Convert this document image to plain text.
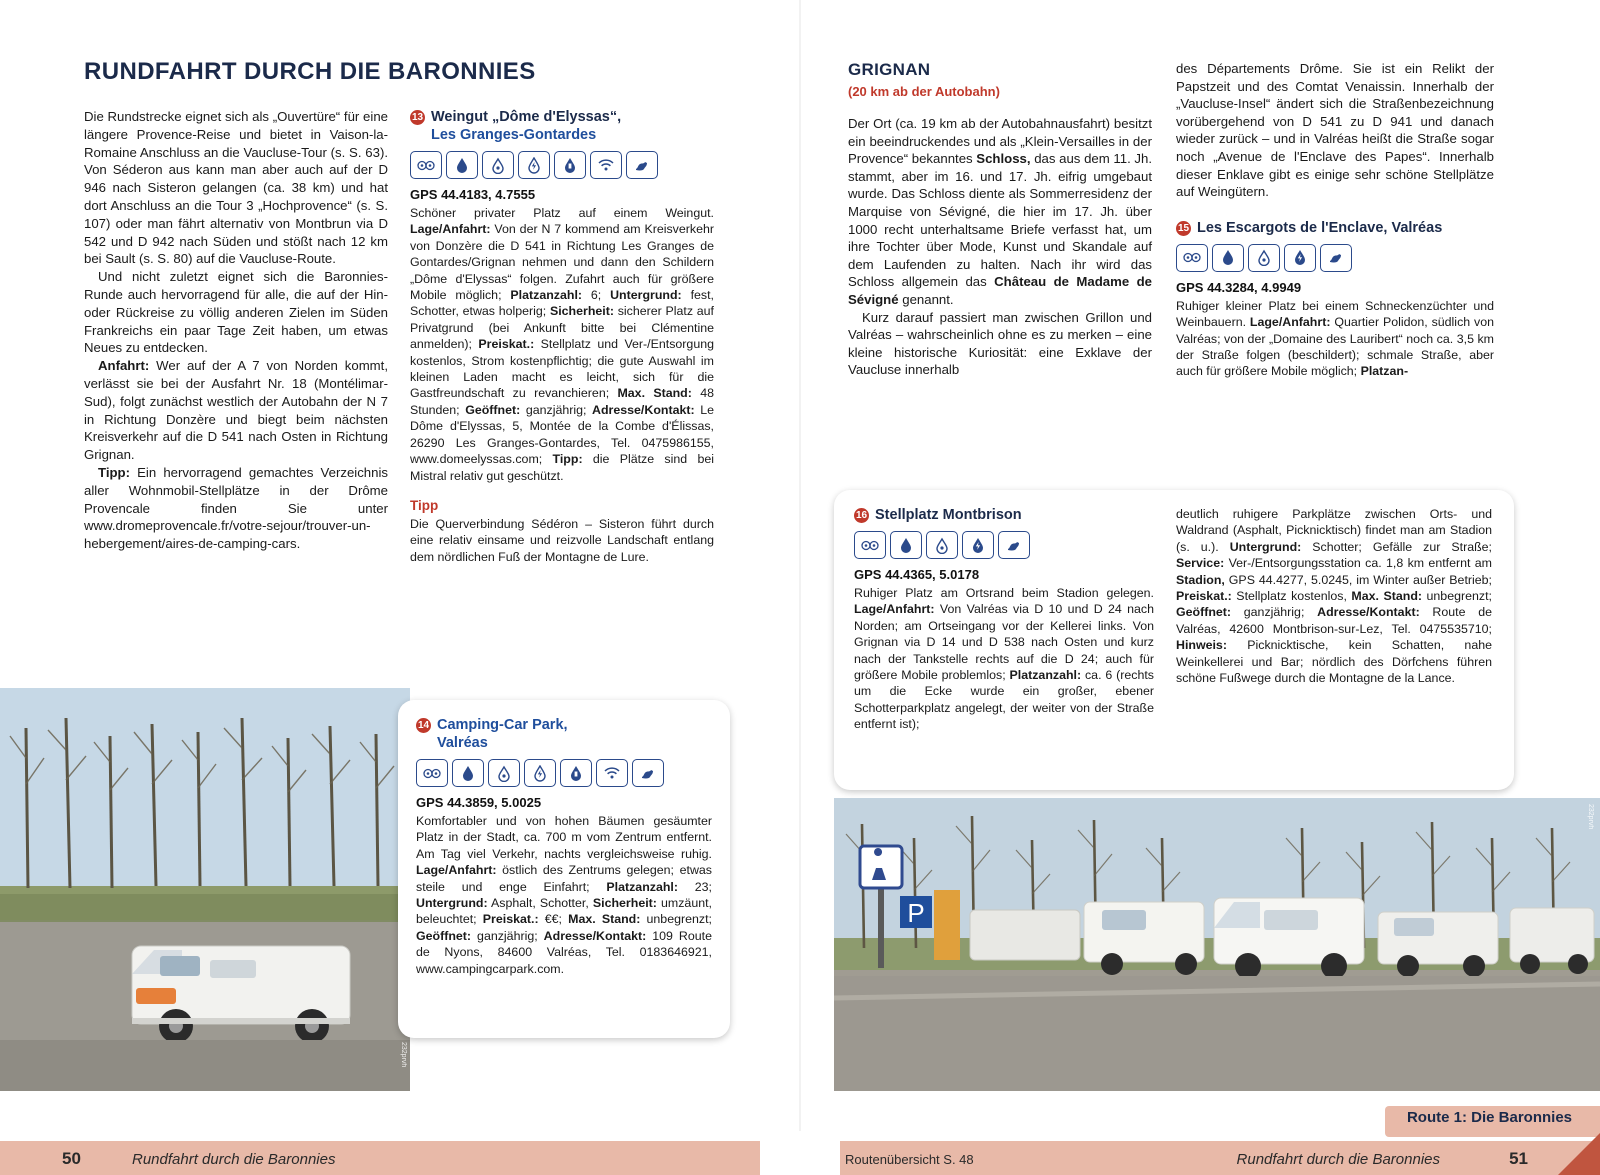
RUNDFAHRT DURCH DIE BARONNIES

Die Rundstrecke eignet sich als „Ouvertüre“ für eine längere Provence-Reise und bietet in Vaison-la-Romaine Anschluss an die Vaucluse-Tour (s. S. 63). Von Séderon aus kann man aber auch auf der D 946 nach Sisteron gelangen (ca. 38 km) und hat dort Anschluss an die Tour 3 „Hochprovence“ (s. S. 107) oder man fährt alternativ von Montbrun via D 542 und D 942 nach Süden und stößt nach 12 km bei Sault (s. S. 80) auf die Vaucluse-Route.

Und nicht zuletzt eignet sich die Baronnies-Runde auch hervorragend für alle, die auf der Hin- oder Rückreise zu völlig anderen Zielen im Süden Frankreichs ein paar Tage Zeit haben, um etwas Neues zu entdecken.

Anfahrt: Wer auf der A 7 von Norden kommt, verlässt sie bei der Ausfahrt Nr. 18 (Montélimar-Sud), folgt zunächst westlich der Autobahn der N 7 in Richtung Donzère und biegt beim nächsten Kreisverkehr auf die D 541 nach Osten in Richtung Grignan.

Tipp: Ein hervorragend gemachtes Verzeichnis aller Wohnmobil-Stellplätze in der Drôme Provencale finden Sie unter www.dromeprovencale.fr/votre-sejour/trouver-un-hebergement/aires-de-camping-cars.

13 Weingut „Dôme d'Elyssas“,
Les Granges-Gontardes
GPS 44.4183, 4.7555
Schöner privater Platz auf einem Weingut. Lage/Anfahrt: Von der N 7 kommend am Kreisverkehr von Donzère die D 541 in Richtung Les Granges de Gontardes/Grignan nehmen und dann den Schildern „Dôme d'Elyssas“ folgen. Zufahrt auch für größere Mobile möglich; Platzanzahl: 6; Untergrund: fest, Schotter, etwas holperig; Sicherheit: sicherer Platz auf Privatgrund (bei Ankunft bitte bei Clémentine anmelden); Preiskat.: Stellplatz und Ver-/Entsorgung kostenlos, Strom kostenpflichtig; die gute Auswahl im kleinen Laden macht es leicht, sich für die Gastfreundschaft zu revanchieren; Max. Stand: 48 Stunden; Geöffnet: ganzjährig; Adresse/Kontakt: Le Dôme d'Elyssas, 5, Montée de la Combe d'Élissas, 26290 Les Granges-Gontardes, Tel. 0475986155, www.domeelyssas.com; Tipp: die Plätze sind bei Mistral relativ gut geschützt.
Tipp
Die Querverbindung Sédéron – Sisteron führt durch eine relativ einsame und reizvolle Landschaft entlang dem nördlichen Fuß der Montagne de Lure.
232prvh
14 Camping-Car Park,
Valréas
GPS 44.3859, 5.0025
Komfortabler und von hohen Bäumen gesäumter Platz in der Stadt, ca. 700 m vom Zentrum entfernt. Am Tag viel Verkehr, nachts vergleichsweise ruhig. Lage/Anfahrt: östlich des Zentrums gelegen; etwas steile und enge Einfahrt; Platzanzahl: 23; Untergrund: Asphalt, Schotter, Sicherheit: umzäunt, beleuchtet; Preiskat.: €€; Max. Stand: unbegrenzt; Geöffnet: ganzjährig; Adresse/Kontakt: 109 Route de Nyons, 84600 Valréas, Tel. 0183646921, www.campingcarpark.com.
GRIGNAN
(20 km ab der Autobahn)

Der Ort (ca. 19 km ab der Autobahnausfahrt) besitzt ein beeindruckendes und als „Klein-Versailles in der Provence“ bekanntes Schloss, das aus dem 11. Jh. stammt, aber im 16. und 17. Jh. eifrig umgebaut wurde. Das Schloss diente als Sommerresidenz der Marquise von Sévigné, die hier im 17. Jh. über 1000 recht unterhaltsame Briefe verfasst hat, um ihre Tochter über Mode, Kunst und Skandale auf dem Laufenden zu halten. Nach ihr wird das Schloss allgemein das Château de Madame de Sévigné genannt.

Kurz darauf passiert man zwischen Grillon und Valréas – wahrscheinlich ohne es zu merken – eine kleine historische Kuriosität: eine Exklave der Vaucluse innerhalb

des Départements Drôme. Sie ist ein Relikt der Papstzeit und des Comtat Venaissin. Innerhalb der „Vaucluse-Insel“ ändert sich die Straßenbezeichnung vorübergehend von D 541 zu D 941 und danach wieder zurück – und in Valréas heißt die Straße sogar noch „Avenue de l'Enclave des Papes“. Innerhalb dieser Enklave gibt es einige sehr schöne Stellplätze auf Weingütern.

15 Les Escargots de l'Enclave, Valréas
GPS 44.3284, 4.9949
Ruhiger kleiner Platz bei einem Schneckenzüchter und Weinbauern. Lage/Anfahrt: Quartier Polidon, südlich von Valréas; von der „Domaine des Lauribert“ noch ca. 3,5 km der Straße folgen (beschildert); schmale Straße, aber auch für größere Mobile möglich; Platzan-
16 Stellplatz Montbrison
GPS 44.4365, 5.0178
Ruhiger Platz am Ortsrand beim Stadion gelegen. Lage/Anfahrt: Von Valréas via D 10 und D 24 nach Norden; am Ortseingang vor der Kellerei links. Von Grignan via D 14 und D 538 nach Osten und kurz nach der Tankstelle rechts auf die D 24; auch für größere Mobile problemlos; Platzanzahl: ca. 6 (rechts um die Ecke wurde ein großer, ebener Schotterparkplatz angelegt, der weiter von der Straße entfernt ist);
deutlich ruhigere Parkplätze zwischen Orts- und Waldrand (Asphalt, Picknicktisch) findet man am Stadion (s. u.). Untergrund: Schotter; Gefälle zur Straße; Service: Ver-/Entsorgungsstation ca. 1,8 km entfernt am Stadion, GPS 44.4277, 5.0245, im Winter außer Betrieb; Preiskat.: Stellplatz kostenlos, Max. Stand: unbegrenzt; Geöffnet: ganzjährig; Adresse/Kontakt: Route de Valréas, 42600 Montbrison-sur-Lez, Tel. 0475535710; Hinweis: Picknicktische, kein Schatten, nahe Weinkellerei und Bar; nördlich des Dörfchens führen schöne Fußwege durch die Montagne de la Lance.
P
232prvh
Route 1: Die Baronnies
50	Rundfahrt durch die Baronnies	Routenübersicht S. 48	Rundfahrt durch die Baronnies	51
